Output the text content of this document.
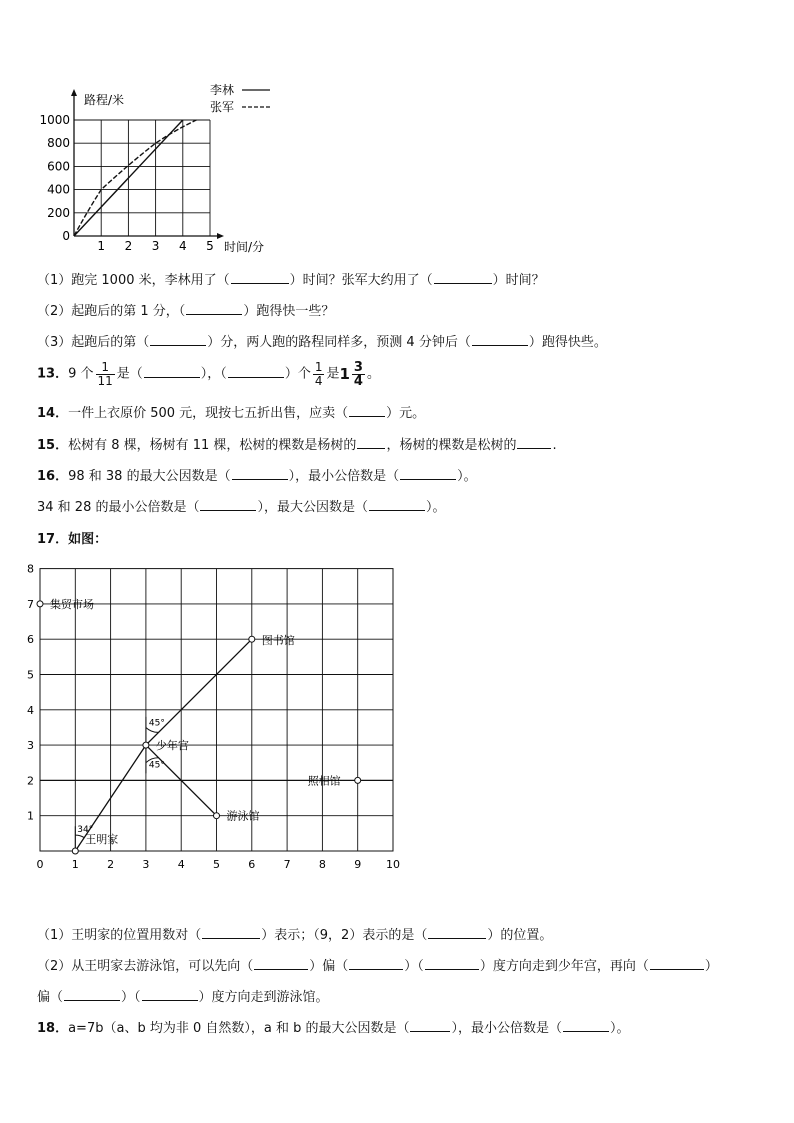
0
200
400
600
800
1000
1 2 3 4 5
路程/米
时间/分
李林
张军
（1）跑完 1000 米，李林用了（	）时间？张军大约用了（	）时间？
（2）起跑后的第 1 分，（	）跑得快一些？
（3）起跑后的第（	）分，两人跑的路程同样多，预测 4 分钟后（	）跑得快些。
13．9 个 $\frac{1}{11}$ 是（	），（	）个 $\frac{1}{4}$ 是$1 \frac{3}{4}$ 。
14．一件上衣原价 500 元，现按七五折出售，应卖（	）元。
15．松树有 8 棵，杨树有 11 棵，松树的棵数是杨树的 ，杨树的棵数是松树的	.
16．98 和 38 的最大公因数是（	），最小公倍数是（	）。
34 和 28 的最小公倍数是（	），最大公因数是（	）。
17．如图：
0	1	2	3	4	5	6	7	8	9 10
1
2
3
4
5
6
7
8
集贸市场
图书馆
少年宫
照相馆
游泳馆
王明家
34°
45°
45°
（1）王明家的位置用数对（	）表示；（9，2）表示的是（	）的位置。
（2）从王明家去游泳馆，可以先向（	）偏（	）（	）度方向走到少年宫，再向（	）
偏（	）（	）度方向走到游泳馆。
18．a=7b（a、b 均为非 0 自然数），a 和 b 的最大公因数是（	），最小公倍数是（	）。
